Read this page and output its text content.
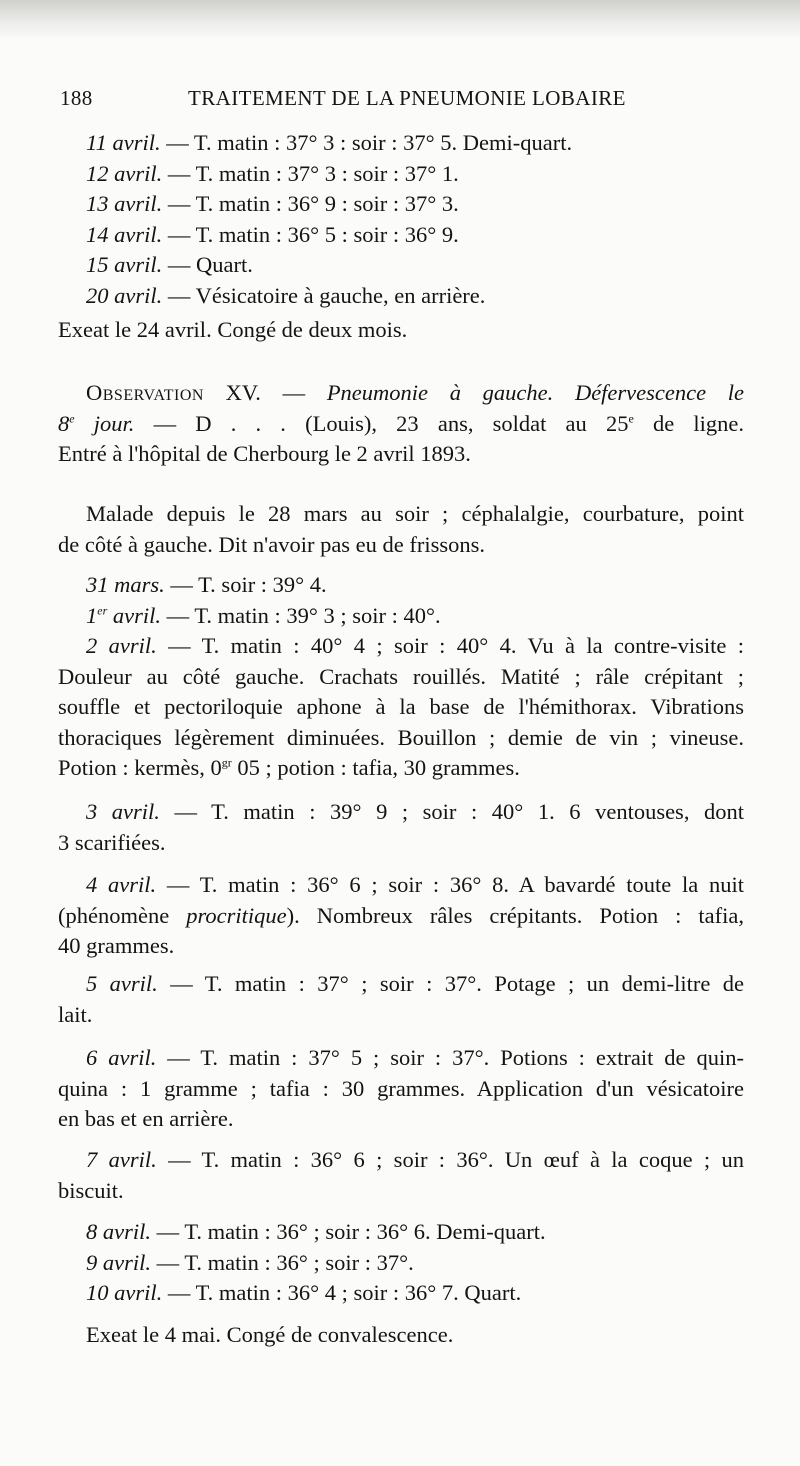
188	TRAITEMENT DE LA PNEUMONIE LOBAIRE
11 avril. — T. matin : 37° 3 : soir : 37° 5. Demi-quart.
12 avril. — T. matin : 37° 3 : soir : 37° 1.
13 avril. — T. matin : 36° 9 : soir : 37° 3.
14 avril. — T. matin : 36° 5 : soir : 36° 9.
15 avril. — Quart.
20 avril. — Vésicatoire à gauche, en arrière.
Exeat le 24 avril. Congé de deux mois.
Observation XV. — Pneumonie à gauche. Défervescence le
8e jour. — D . . . (Louis), 23 ans, soldat au 25e de ligne.
Entré à l'hôpital de Cherbourg le 2 avril 1893.
Malade depuis le 28 mars au soir ; céphalalgie, courbature, point
de côté à gauche. Dit n'avoir pas eu de frissons.
31 mars. — T. soir : 39° 4.
1er avril. — T. matin : 39° 3 ; soir : 40°.
2 avril. — T. matin : 40° 4 ; soir : 40° 4. Vu à la contre-visite :
Douleur au côté gauche. Crachats rouillés. Matité ; râle crépitant ;
souffle et pectoriloquie aphone à la base de l'hémithorax. Vibrations
thoraciques légèrement diminuées. Bouillon ; demie de vin ; vineuse.
Potion : kermès, $0^{gr}$ 05 ; potion : tafia, 30 grammes.
3 avril. — T. matin : 39° 9 ; soir : 40° 1. 6 ventouses, dont
3 scarifiées.
4 avril. — T. matin : 36° 6 ; soir : 36° 8. A bavardé toute la nuit
(phénomène procritique). Nombreux râles crépitants. Potion : tafia,
40 grammes.
5 avril. — T. matin : 37° ; soir : 37°. Potage ; un demi-litre de
lait.
6 avril. — T. matin : 37° 5 ; soir : 37°. Potions : extrait de quin-
quina : 1 gramme ; tafia : 30 grammes. Application d'un vésicatoire
en bas et en arrière.
7 avril. — T. matin : 36° 6 ; soir : 36°. Un œuf à la coque ; un
biscuit.
8 avril. — T. matin : 36° ; soir : 36° 6. Demi-quart.
9 avril. — T. matin : 36° ; soir : 37°.
10 avril. — T. matin : 36° 4 ; soir : 36° 7. Quart.
Exeat le 4 mai. Congé de convalescence.
